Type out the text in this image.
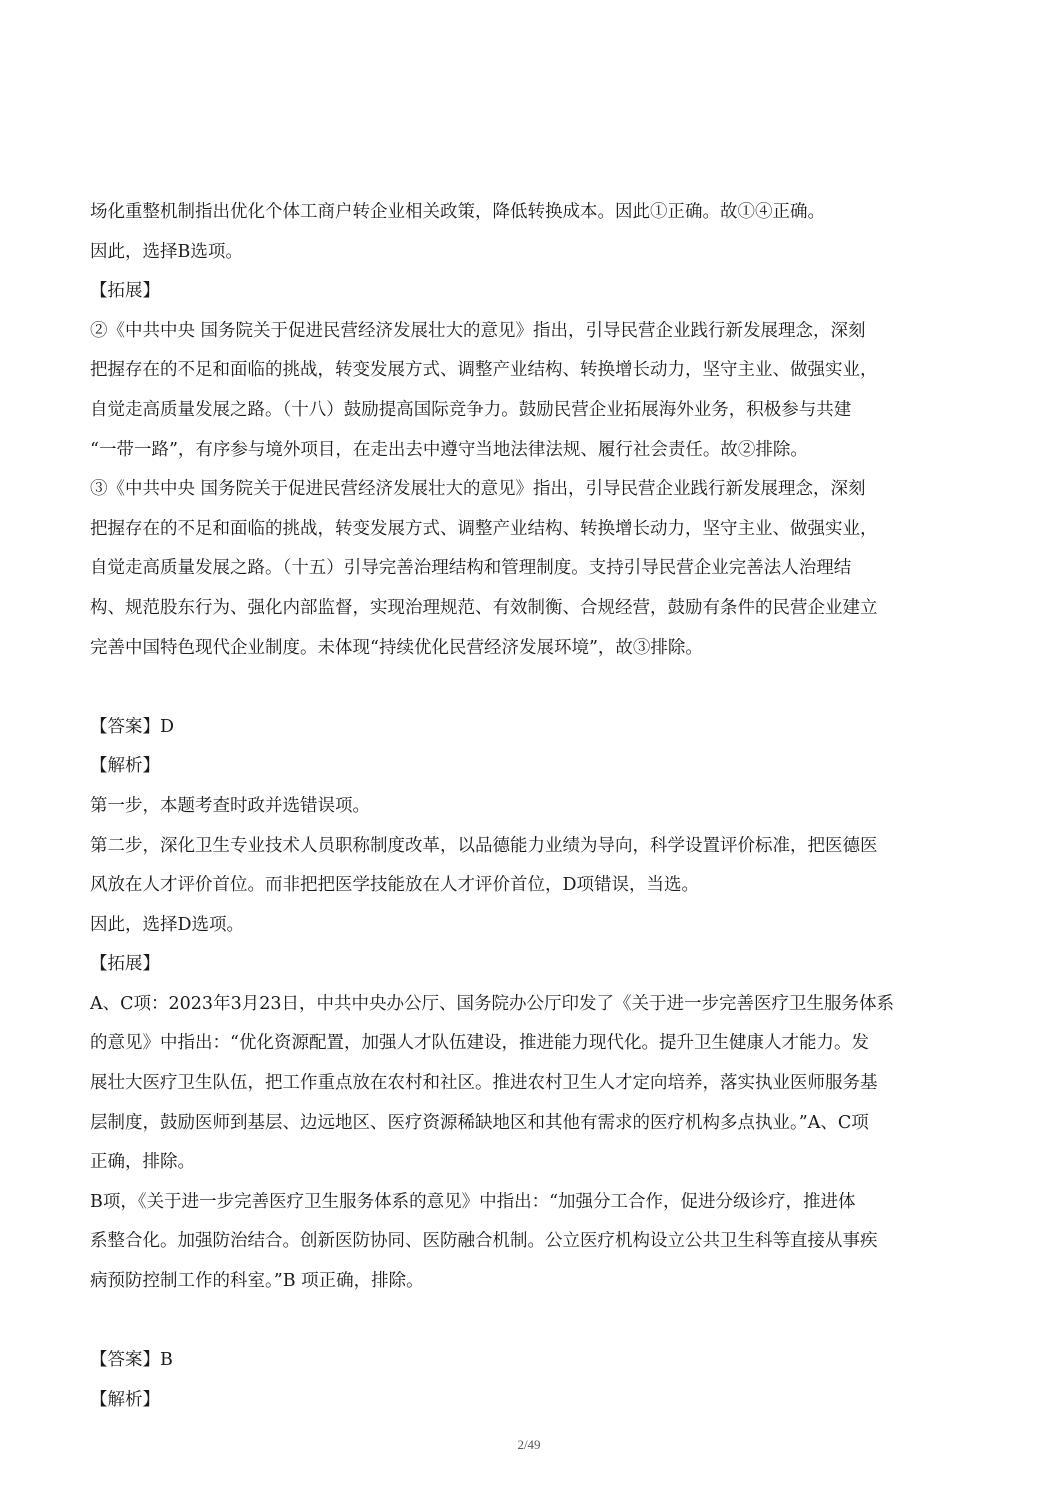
场化重整机制指出优化个体工商户转企业相关政策，降低转换成本。因此①正确。故①④正确。
因此，选择B选项。
【拓展】
②《中共中央 国务院关于促进民营经济发展壮大的意见》指出，引导民营企业践行新发展理念，深刻
把握存在的不足和面临的挑战，转变发展方式、调整产业结构、转换增长动力，坚守主业、做强实业，
自觉走高质量发展之路。（十八）鼓励提高国际竞争力。鼓励民营企业拓展海外业务，积极参与共建
“一带一路”，有序参与境外项目，在走出去中遵守当地法律法规、履行社会责任。故②排除。
③《中共中央 国务院关于促进民营经济发展壮大的意见》指出，引导民营企业践行新发展理念，深刻
把握存在的不足和面临的挑战，转变发展方式、调整产业结构、转换增长动力，坚守主业、做强实业，
自觉走高质量发展之路。（十五）引导完善治理结构和管理制度。支持引导民营企业完善法人治理结
构、规范股东行为、强化内部监督，实现治理规范、有效制衡、合规经营，鼓励有条件的民营企业建立
完善中国特色现代企业制度。未体现“持续优化民营经济发展环境”，故③排除。
【答案】D
【解析】
第一步，本题考查时政并选错误项。
第二步，深化卫生专业技术人员职称制度改革，以品德能力业绩为导向，科学设置评价标准，把医德医
风放在人才评价首位。而非把把医学技能放在人才评价首位，D项错误，当选。
因此，选择D选项。
【拓展】
A、C项：2023年3月23日，中共中央办公厅、国务院办公厅印发了《关于进一步完善医疗卫生服务体系
的意见》中指出：“优化资源配置，加强人才队伍建设，推进能力现代化。提升卫生健康人才能力。发
展壮大医疗卫生队伍，把工作重点放在农村和社区。推进农村卫生人才定向培养，落实执业医师服务基
层制度，鼓励医师到基层、边远地区、医疗资源稀缺地区和其他有需求的医疗机构多点执业。”A、C项
正确，排除。
B项，《关于进一步完善医疗卫生服务体系的意见》中指出：“加强分工合作，促进分级诊疗，推进体
系整合化。加强防治结合。创新医防协同、医防融合机制。公立医疗机构设立公共卫生科等直接从事疾
病预防控制工作的科室。”B 项正确，排除。
【答案】B
【解析】
2/49
